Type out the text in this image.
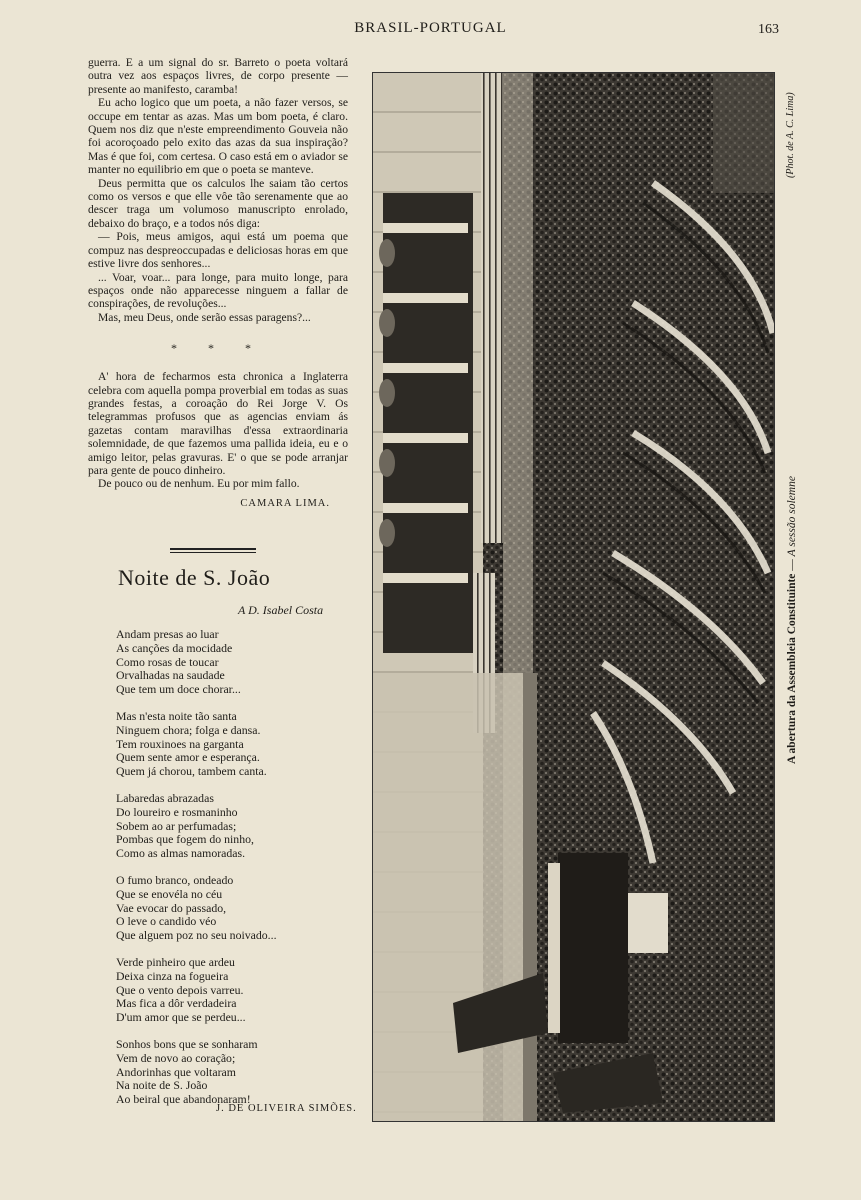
BRASIL-PORTUGAL	163

guerra. E a um signal do sr. Barreto o poeta voltará outra vez aos espaços livres, de corpo presente — presente ao manifesto, caramba!

Eu acho logico que um poeta, a não fazer versos, se occupe em tentar as azas. Mas um bom poeta, é claro. Quem nos diz que n'este empreendimento Gouveia não foi acoroçoado pelo exito das azas da sua inspiração? Mas é que foi, com certesa. O caso está em o aviador se manter no equilibrio em que o poeta se manteve.

Deus permitta que os calculos lhe saiam tão certos como os versos e que elle vôe tão serenamente que ao descer traga um volumoso manuscripto enrolado, debaixo do braço, e a todos nós diga:

— Pois, meus amigos, aqui está um poema que compuz nas despreoccupadas e deliciosas horas em que estive livre dos senhores...

... Voar, voar... para longe, para muito longe, para espaços onde não apparecesse ninguem a fallar de conspirações, de revoluções...

Mas, meu Deus, onde serão essas paragens?...

* * *

A' hora de fecharmos esta chronica a Inglaterra celebra com aquella pompa proverbial em todas as suas grandes festas, a coroação do Rei Jorge V. Os telegrammas profusos que as agencias enviam ás gazetas contam maravilhas d'essa extraordinaria solemnidade, de que fazemos uma pallida ideia, eu e o amigo leitor, pelas gravuras. E' o que se pode arranjar para gente de pouco dinheiro.

De pouco ou de nenhum. Eu por mim fallo.

CAMARA LIMA.
Noite de S. João
A D. Isabel Costa
Andam presas ao luar
As canções da mocidade
Como rosas de toucar
Orvalhadas na saudade
Que tem um doce chorar...
Mas n'esta noite tão santa
Ninguem chora; folga e dansa.
Tem rouxinoes na garganta
Quem sente amor e esperança.
Quem já chorou, tambem canta.
Labaredas abrazadas
Do loureiro e rosmaninho
Sobem ao ar perfumadas;
Pombas que fogem do ninho,
Como as almas namoradas.
O fumo branco, ondeado
Que se enovéla no céu
Vae evocar do passado,
O leve o candido véo
Que alguem poz no seu noivado...
Verde pinheiro que ardeu
Deixa cinza na fogueira
Que o vento depois varreu.
Mas fica a dôr verdadeira
D'um amor que se perdeu...
Sonhos bons que se sonharam
Vem de novo ao coração;
Andorinhas que voltaram
Na noite de S. João
Ao beiral que abandonaram!
J. DE OLIVEIRA SIMÕES.
A abertura da Assembleia Constituinte — A sessão solemne
(Phot. de A. C. Lima)
